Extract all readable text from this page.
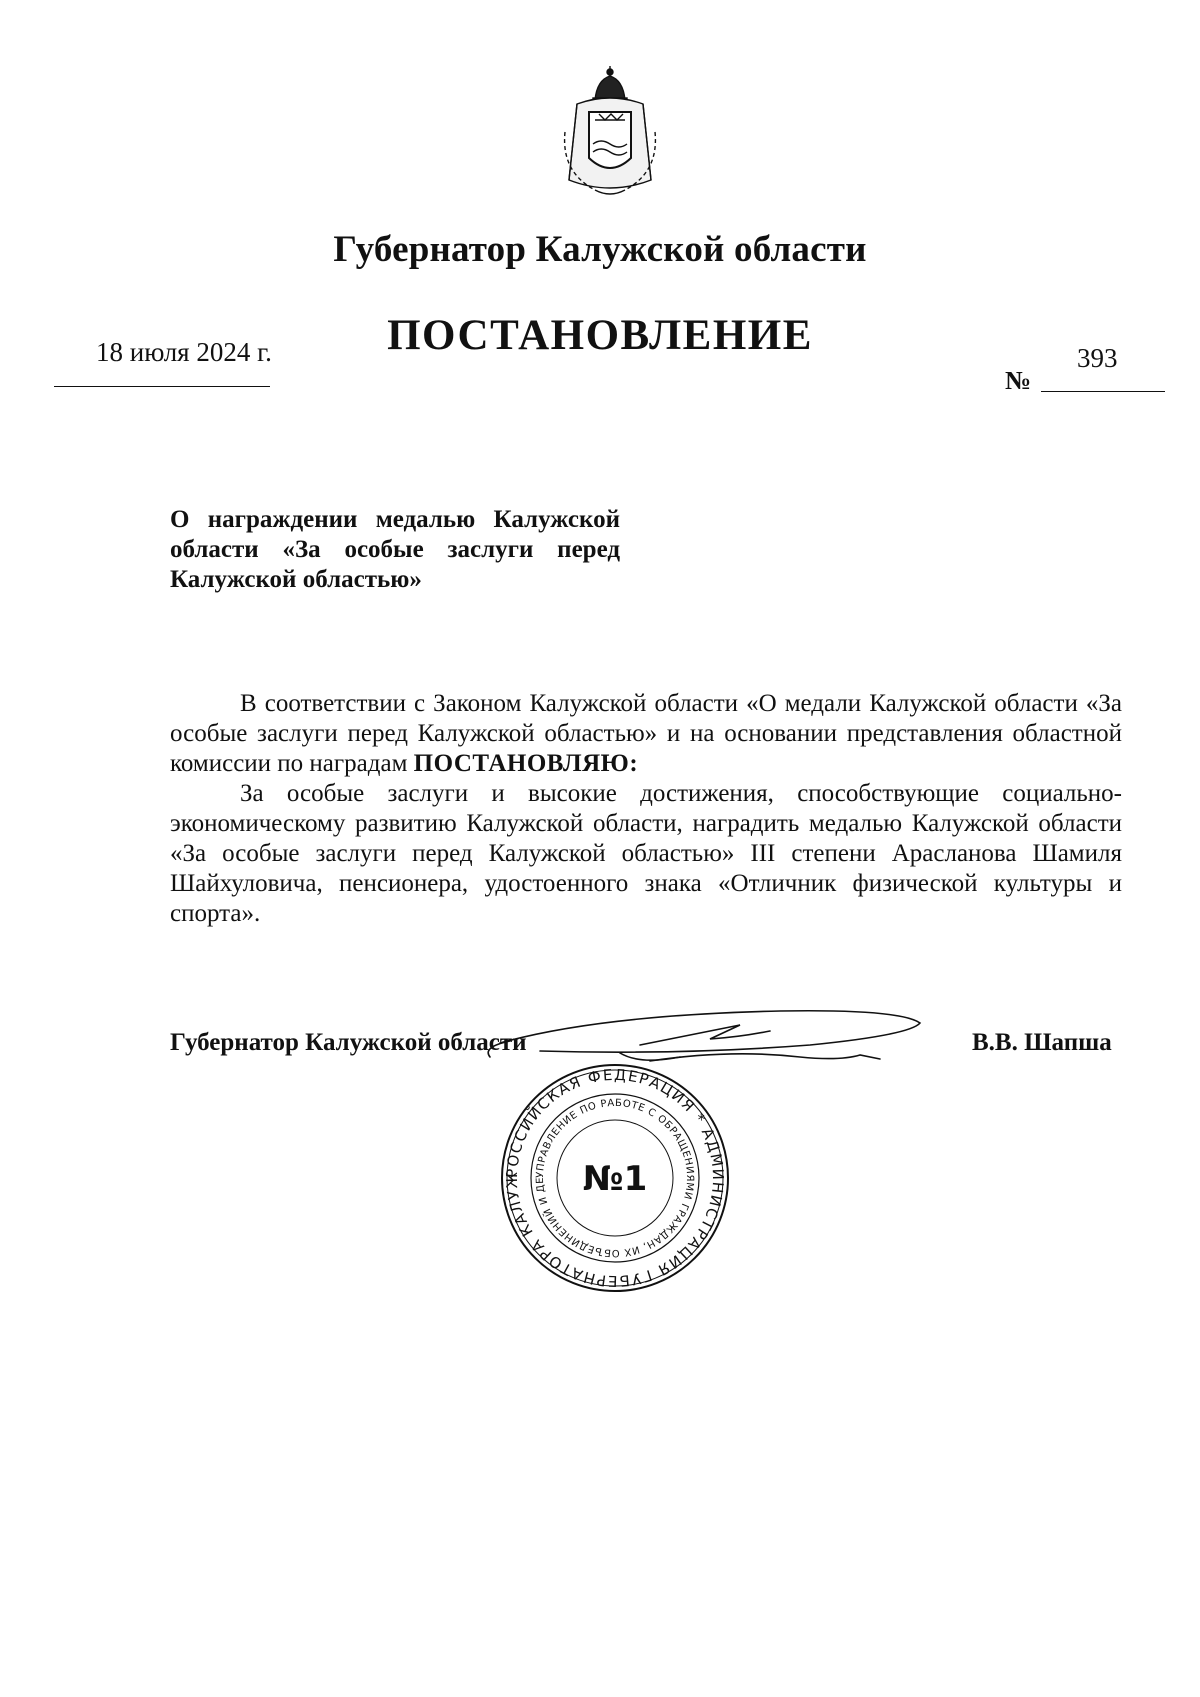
Губернатор Калужской области
ПОСТАНОВЛЕНИЕ
18 июля 2024 г.
№
393
О награждении медалью Калужской области «За особые заслуги перед Калужской областью»

В соответствии с Законом Калужской области «О медали Калужской области «За особые заслуги перед Калужской областью» и на основании представления областной комиссии по наградам ПОСТАНОВЛЯЮ:

За особые заслуги и высокие достижения, способствующие социально-экономическому развитию Калужской области, наградить медалью Калужской области «За особые заслуги перед Калужской областью» III степени Арасланова Шамиля Шайхуловича, пенсионера, удостоенного знака «Отличник физической культуры и спорта».

Губернатор Калужской области	В.В. Шапша
РОССИЙСКАЯ ФЕДЕРАЦИЯ * АДМИНИСТРАЦИЯ ГУБЕРНАТОРА КАЛУЖ	УПРАВЛЕНИЕ ПО РАБОТЕ С ОБРАЩЕНИЯМИ ГРАЖДАН, ИХ ОБЪЕДИНЕНИЙ И ДЕ	№1
